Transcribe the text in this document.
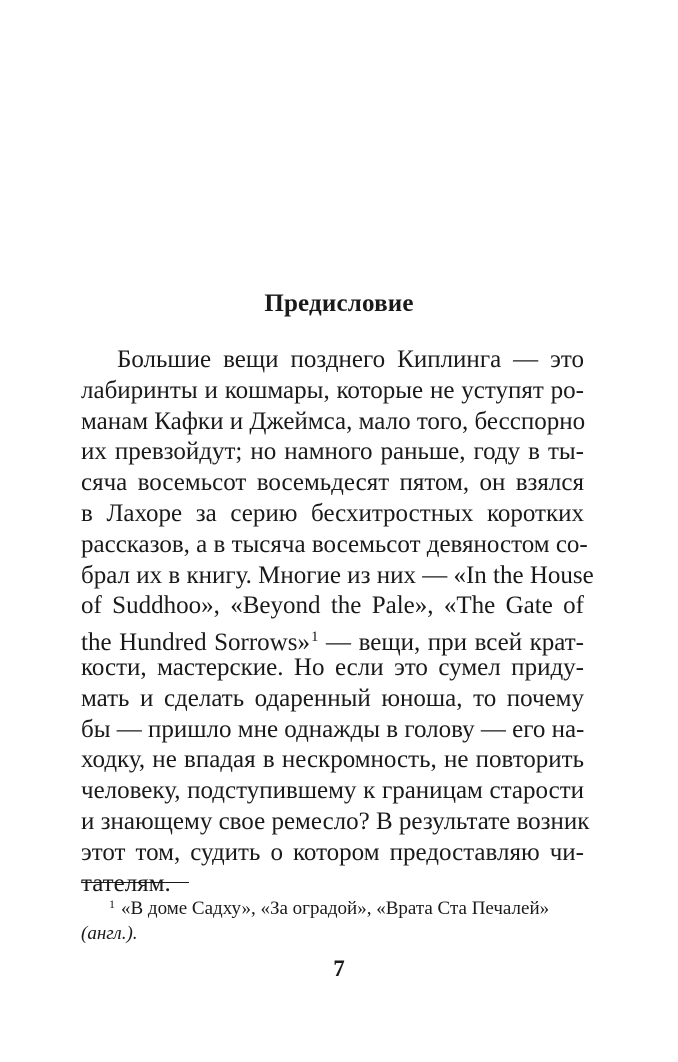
Предисловие
Большие вещи позднего Киплинга — это
лабиринты и кошмары, которые не уступят ро-
манам Кафки и Джеймса, мало того, бесспорно
их превзойдут; но намного раньше, году в ты-
сяча восемьсот восемьдесят пятом, он взялся
в Лахоре за серию бесхитростных коротких
рассказов, а в тысяча восемьсот девяностом со-
брал их в книгу. Многие из них — «In the House
of Suddhoo», «Beyond the Pale», «The Gate of
the Hundred Sorrows»$^1$ — вещи, при всей крат-
кости, мастерские. Но если это сумел приду-
мать и сделать одаренный юноша, то почему
бы — пришло мне однажды в голову — его на-
ходку, не впадая в нескромность, не повторить
человеку, подступившему к границам старости
и знающему свое ремесло? В результате возник
этот том, судить о котором предоставляю чи-
тателям.
$^1$ «В доме Садху», «За оградой», «Врата Ста Печалей»
(англ.).
7
